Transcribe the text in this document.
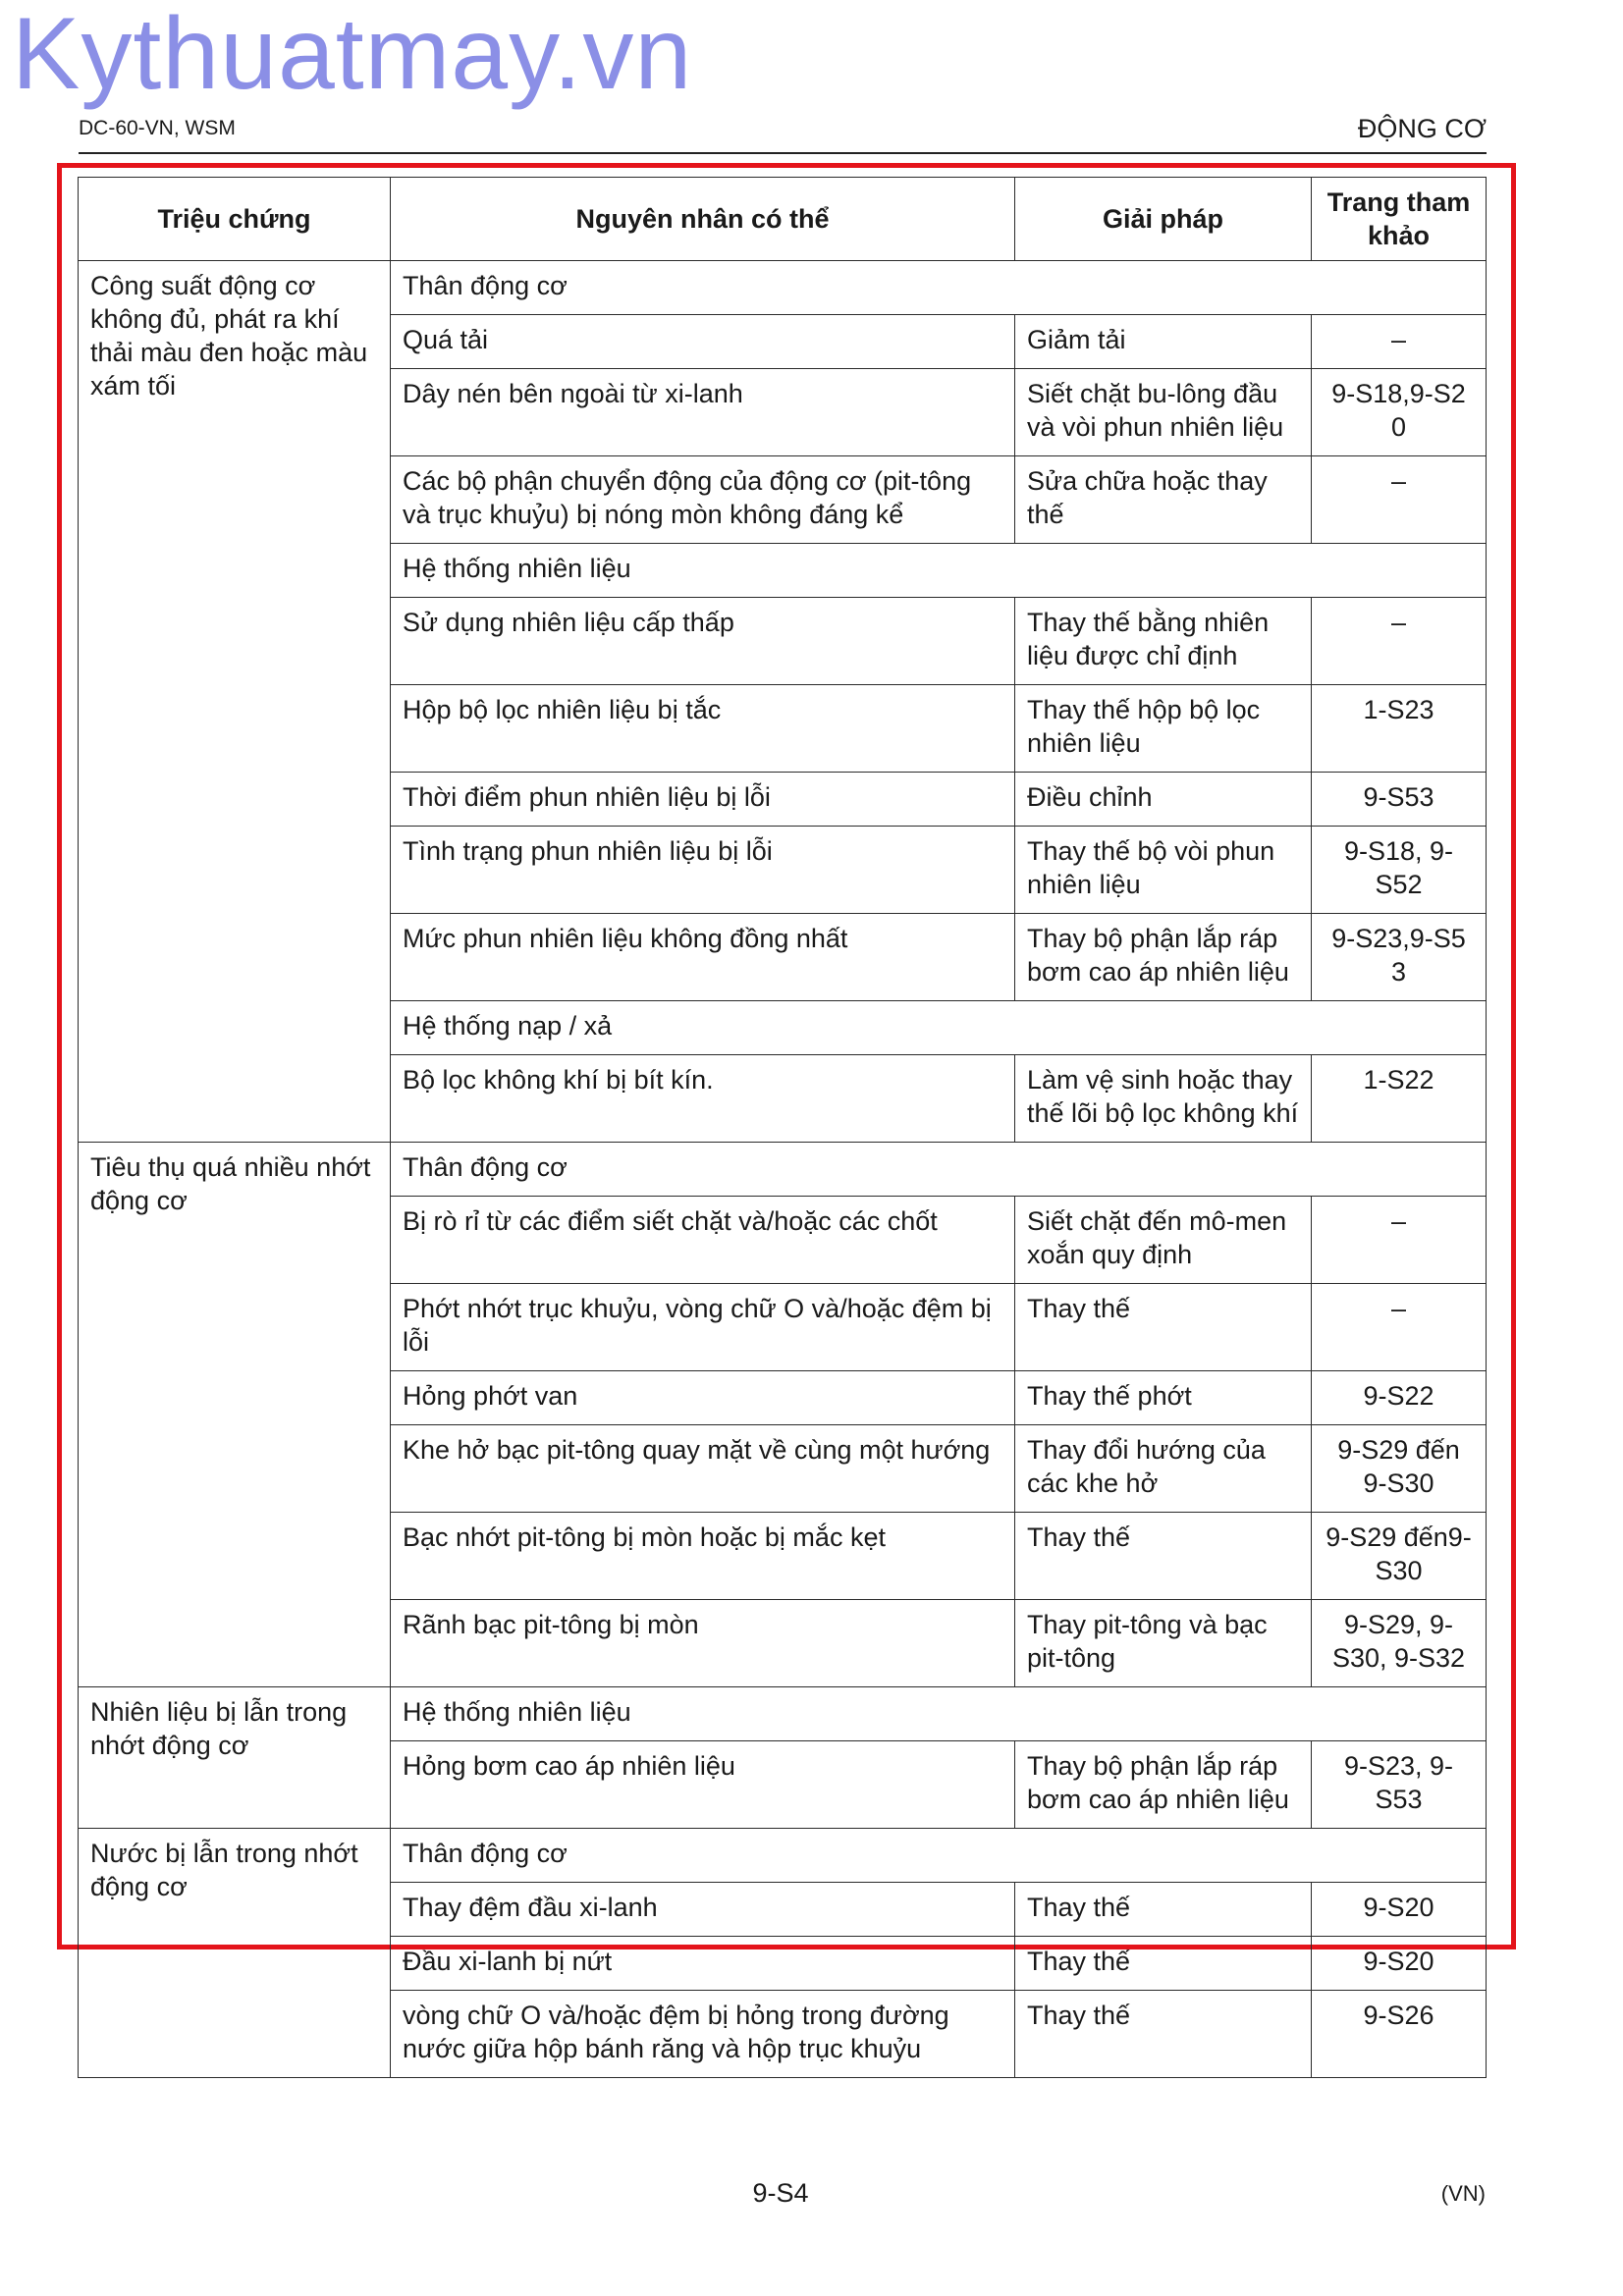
Kythuatmay.vn
DC-60-VN, WSM	ĐỘNG CƠ
Triệu chứng	Nguyên nhân có thể	Giải pháp	Trang tham khảo
Công suất động cơ không đủ, phát ra khí thải màu đen hoặc màu xám tối	Thân động cơ		
	Quá tải	Giảm tải	–
	Dây nén bên ngoài từ xi-lanh	Siết chặt bu-lông đầu và vòi phun nhiên liệu	9-S18,9-S2 0
	Các bộ phận chuyển động của động cơ (pit-tông và trục khuỷu) bị nóng mòn không đáng kể	Sửa chữa hoặc thay thế	–
	Hệ thống nhiên liệu		
	Sử dụng nhiên liệu cấp thấp	Thay thế bằng nhiên liệu được chỉ định	–
	Hộp bộ lọc nhiên liệu bị tắc	Thay thế hộp bộ lọc nhiên liệu	1-S23
	Thời điểm phun nhiên liệu bị lỗi	Điều chỉnh	9-S53
	Tình trạng phun nhiên liệu bị lỗi	Thay thế bộ vòi phun nhiên liệu	9-S18, 9-S52
	Mức phun nhiên liệu không đồng nhất	Thay bộ phận lắp ráp bơm cao áp nhiên liệu	9-S23,9-S5 3
	Hệ thống nạp / xả		
	Bộ lọc không khí bị bít kín.	Làm vệ sinh hoặc thay thế lõi bộ lọc không khí	1-S22
Tiêu thụ quá nhiều nhớt động cơ	Thân động cơ		
	Bị rò rỉ từ các điểm siết chặt và/hoặc các chốt	Siết chặt đến mô-men xoắn quy định	–
	Phớt nhớt trục khuỷu, vòng chữ O và/hoặc đệm bị lỗi	Thay thế	–
	Hỏng phớt van	Thay thế phớt	9-S22
	Khe hở bạc pit-tông quay mặt về cùng một hướng	Thay đổi hướng của các khe hở	9-S29 đến 9-S30
	Bạc nhớt pit-tông bị mòn hoặc bị mắc kẹt	Thay thế	9-S29 đến9-S30
	Rãnh bạc pit-tông bị mòn	Thay pit-tông và bạc pit-tông	9-S29, 9-S30, 9-S32
Nhiên liệu bị lẫn trong nhớt động cơ	Hệ thống nhiên liệu		
	Hỏng bơm cao áp nhiên liệu	Thay bộ phận lắp ráp bơm cao áp nhiên liệu	9-S23, 9-S53
Nước bị lẫn trong nhớt động cơ	Thân động cơ		
	Thay đệm đầu xi-lanh	Thay thế	9-S20
	Đầu xi-lanh bị nứt	Thay thế	9-S20
	vòng chữ O và/hoặc đệm bị hỏng trong đường nước giữa hộp bánh răng và hộp trục khuỷu	Thay thế	9-S26
9-S4	(VN)
